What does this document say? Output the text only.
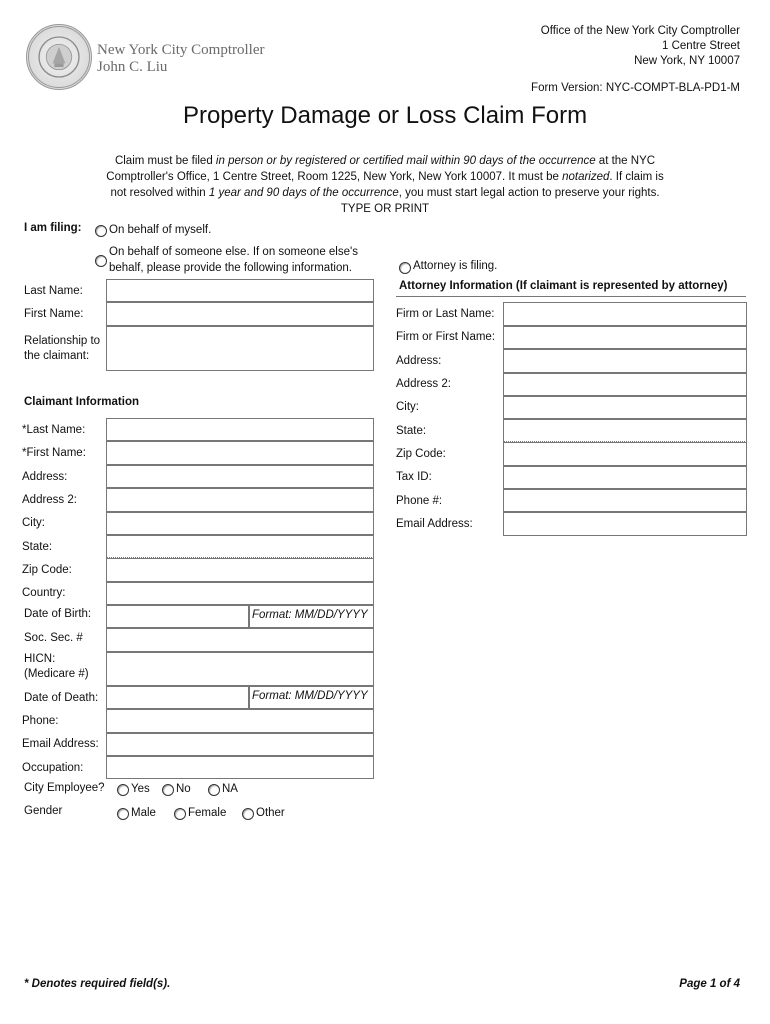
New York City Comptroller
John C. Liu
Office of the New York City Comptroller
1 Centre Street
New York, NY 10007
Form Version: NYC-COMPT-BLA-PD1-M
Property Damage or Loss Claim Form
Claim must be filed in person or by registered or certified mail within 90 days of the occurrence at the NYC
Comptroller's Office, 1 Centre Street, Room 1225, New York, New York 10007. It must be notarized. If claim is
not resolved within 1 year and 90 days of the occurrence, you must start legal action to preserve your rights.
TYPE OR PRINT
I am filing: On behalf of myself.
On behalf of someone else. If on someone else's
behalf, please provide the following information.	Attorney is filing.
Last Name:
First Name:
Relationship to
the claimant:
Attorney Information (If claimant is represented by attorney)
Firm or Last Name:
Firm or First Name:
Address:
Address 2:
City:
State:
Zip Code:
Tax ID:
Phone #:
Email Address:
Claimant Information
*Last Name:
*First Name:
Address:
Address 2:
City:
State:
Zip Code:
Country:
Date of Birth:	Format: MM/DD/YYYY
Soc. Sec. #
HICN:
(Medicare #)
Date of Death:	Format: MM/DD/YYYY
Phone:
Email Address:
Occupation:
City Employee? Yes No	NA
Gender	Male	Female	Other
* Denotes required field(s).	Page 1 of 4
